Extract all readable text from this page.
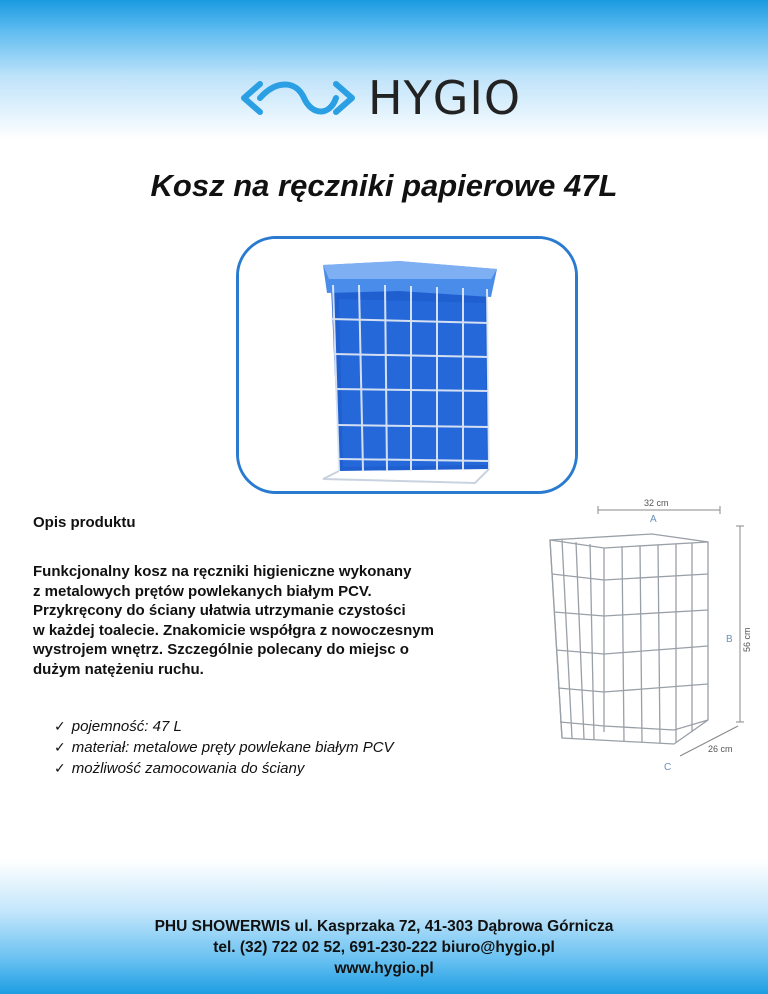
HYGIO
Kosz na ręczniki papierowe 47L
Opis produktu
Funkcjonalny kosz na ręczniki higieniczne wykonany
z metalowych prętów powlekanych białym PCV.
Przykręcony do ściany ułatwia utrzymanie czystości
w każdej toalecie. Znakomicie współgra z nowoczesnym
wystrojem wnętrz. Szczególnie polecany do miejsc o
dużym natężeniu ruchu.
✓ pojemność: 47 L
✓ materiał: metalowe pręty powlekane białym PCV
✓ możliwość zamocowania do ściany
32 cm
A
B 56 cm
C
26 cm
PHU SHOWERWIS ul. Kasprzaka 72, 41-303 Dąbrowa Górnicza
tel. (32) 722 02 52, 691-230-222 biuro@hygio.pl
www.hygio.pl
